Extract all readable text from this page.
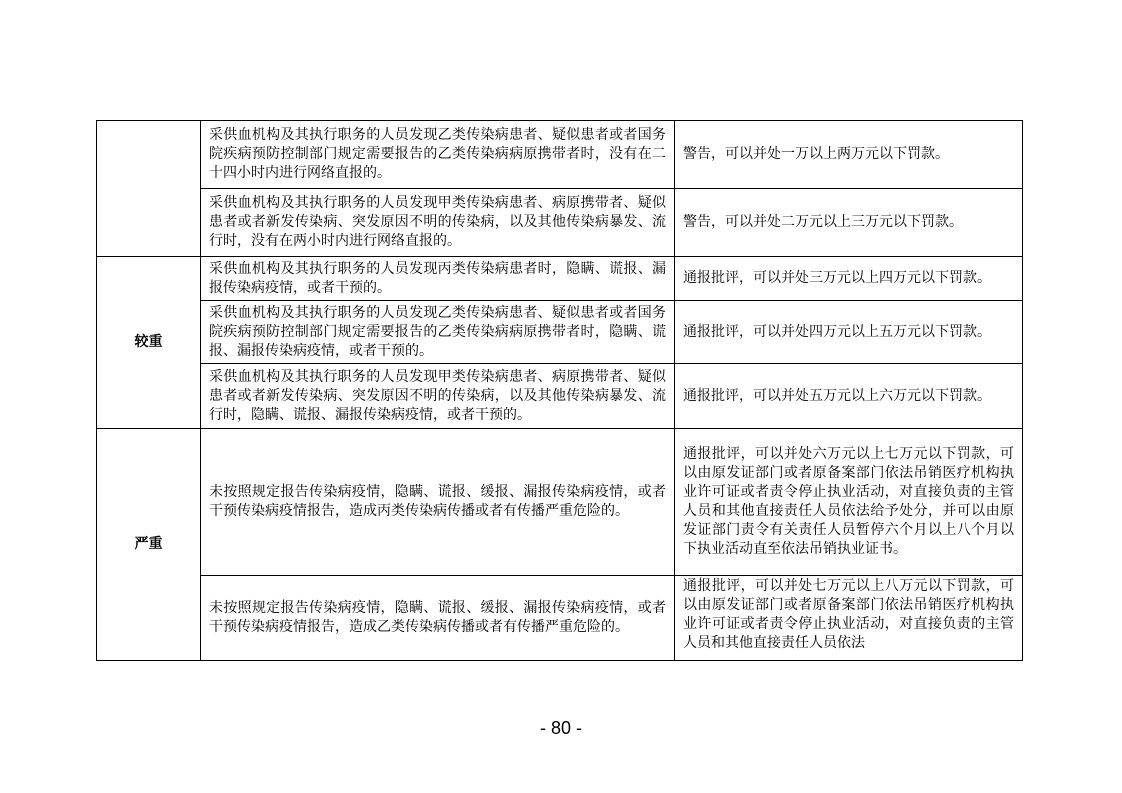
	采供血机构及其执行职务的人员发现乙类传染病患者、疑似患者或者国务院疾病预防控制部门规定需要报告的乙类传染病病原携带者时，没有在二十四小时内进行网络直报的。	警告，可以并处一万以上两万元以下罚款。
	采供血机构及其执行职务的人员发现甲类传染病患者、病原携带者、疑似患者或者新发传染病、突发原因不明的传染病，以及其他传染病暴发、流行时，没有在两小时内进行网络直报的。	警告，可以并处二万元以上三万元以下罚款。
较重	采供血机构及其执行职务的人员发现丙类传染病患者时，隐瞒、谎报、漏报传染病疫情，或者干预的。	通报批评，可以并处三万元以上四万元以下罚款。
	采供血机构及其执行职务的人员发现乙类传染病患者、疑似患者或者国务院疾病预防控制部门规定需要报告的乙类传染病病原携带者时，隐瞒、谎报、漏报传染病疫情，或者干预的。	通报批评，可以并处四万元以上五万元以下罚款。
	采供血机构及其执行职务的人员发现甲类传染病患者、病原携带者、疑似患者或者新发传染病、突发原因不明的传染病，以及其他传染病暴发、流行时，隐瞒、谎报、漏报传染病疫情，或者干预的。	通报批评，可以并处五万元以上六万元以下罚款。
严重	未按照规定报告传染病疫情，隐瞒、谎报、缓报、漏报传染病疫情，或者干预传染病疫情报告，造成丙类传染病传播或者有传播严重危险的。	通报批评，可以并处六万元以上七万元以下罚款，可以由原发证部门或者原备案部门依法吊销医疗机构执业许可证或者责令停止执业活动，对直接负责的主管人员和其他直接责任人员依法给予处分，并可以由原发证部门责令有关责任人员暂停六个月以上八个月以下执业活动直至依法吊销执业证书。
	未按照规定报告传染病疫情，隐瞒、谎报、缓报、漏报传染病疫情，或者干预传染病疫情报告，造成乙类传染病传播或者有传播严重危险的。	通报批评，可以并处七万元以上八万元以下罚款，可以由原发证部门或者原备案部门依法吊销医疗机构执业许可证或者责令停止执业活动，对直接负责的主管人员和其他直接责任人员依法
- 80 -
